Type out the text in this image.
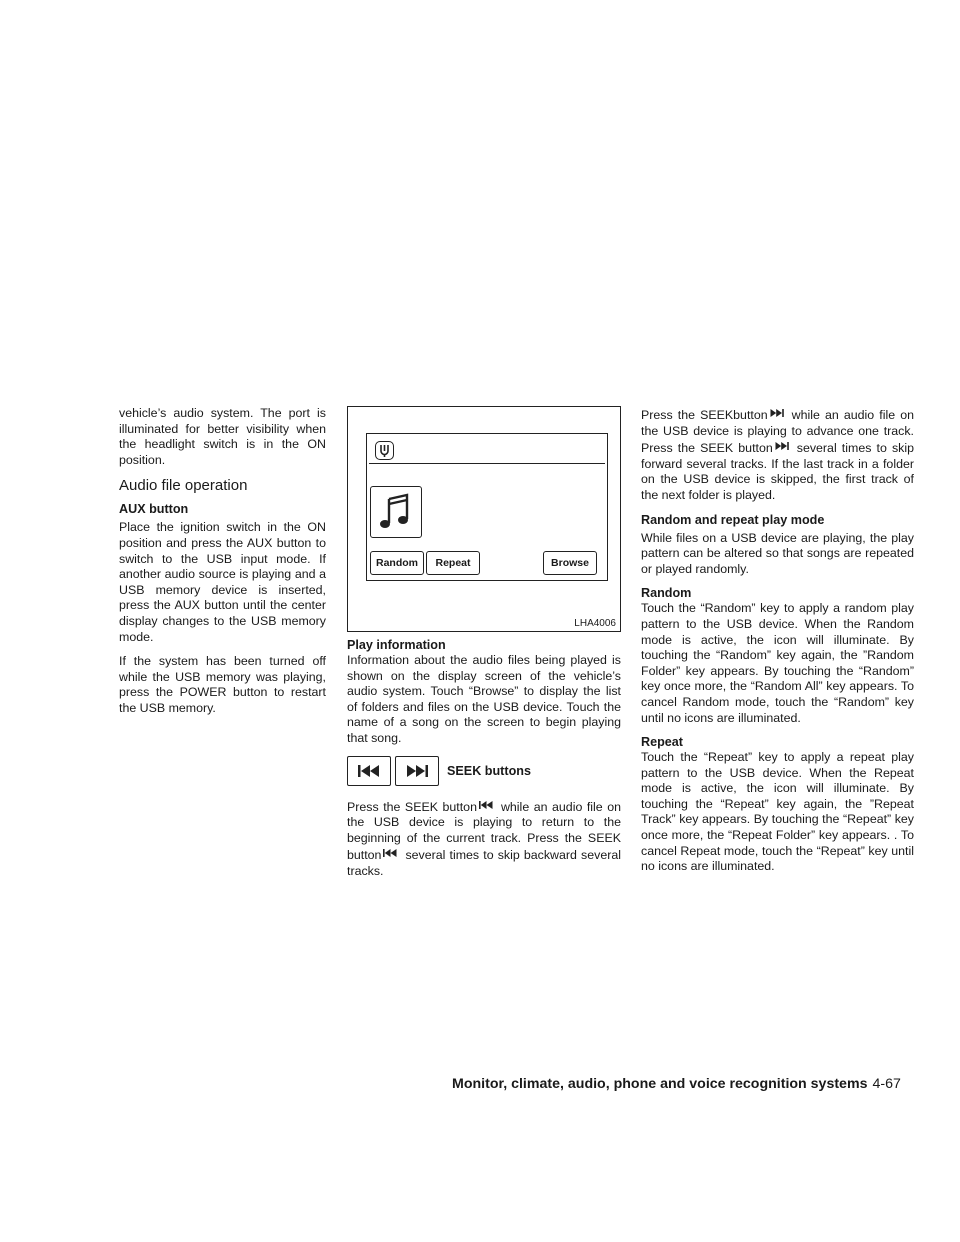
vehicle’s audio system. The port is illuminated for better visibility when the headlight switch is in the ON position.

Audio file operation
AUX button

Place the ignition switch in the ON position and press the AUX button to switch to the USB input mode. If another audio source is playing and a USB memory device is inserted, press the AUX button until the center display changes to the USB memory mode.

If the system has been turned off while the USB memory was playing, press the POWER button to restart the USB memory.

Random	Repeat	Browse
LHA4006
Play information

Information about the audio files being played is shown on the display screen of the vehicle’s audio system. Touch “Browse” to display the list of folders and files on the USB device. Touch the name of a song on the screen to begin playing that song.

SEEK buttons

Press the SEEK button while an audio file on the USB device is playing to return to the beginning of the current track. Press the SEEK button several times to skip backward several tracks.

Press the SEEKbutton while an audio file on the USB device is playing to advance one track. Press the SEEK button several times to skip forward several tracks. If the last track in a folder on the USB device is skipped, the first track of the next folder is played.

Random and repeat play mode

While files on a USB device are playing, the play pattern can be altered so that songs are repeated or played randomly.

Random

Touch the “Random” key to apply a random play pattern to the USB device. When the Random mode is active, the icon will illuminate. By touching the “Random” key again, the ”Random Folder” key appears. By touching the “Random” key once more, the “Random All” key appears. To cancel Random mode, touch the “Random” key until no icons are illuminated.

Repeat

Touch the “Repeat” key to apply a repeat play pattern to the USB device. When the Repeat mode is active, the icon will illuminate. By touching the “Repeat” key again, the ”Repeat Track” key appears. By touching the “Repeat” key once more, the “Repeat Folder” key appears. . To cancel Repeat mode, touch the “Repeat” key until no icons are illuminated.

Monitor, climate, audio, phone and voice recognition systems 4-67
